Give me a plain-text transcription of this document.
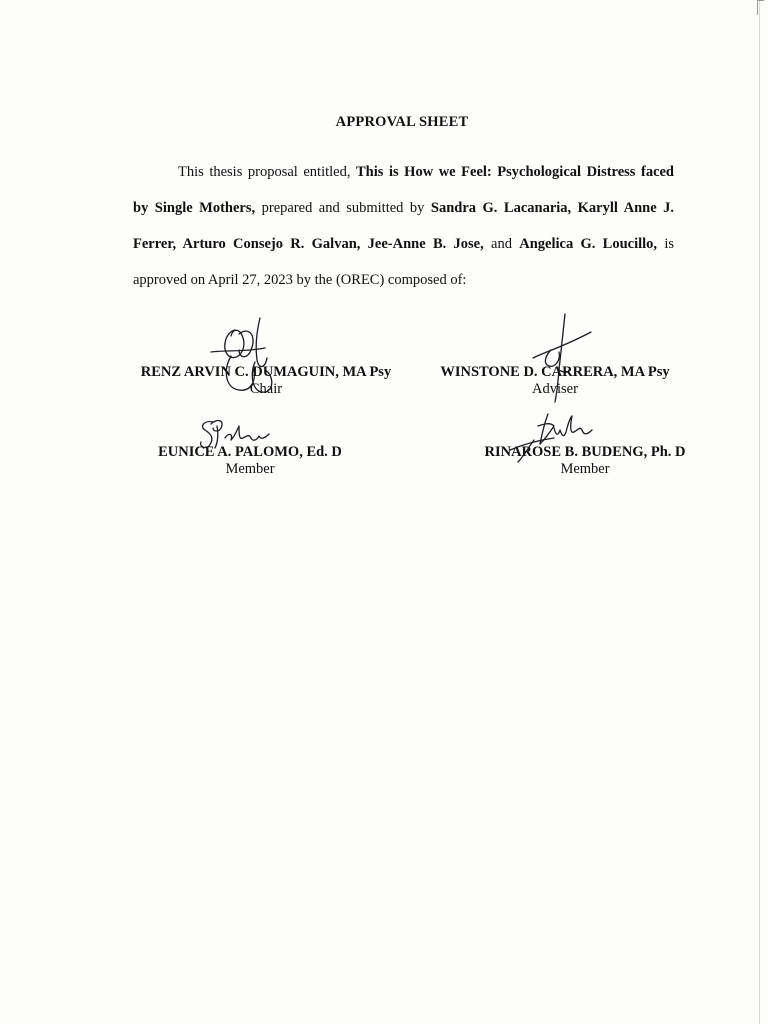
APPROVAL SHEET
This thesis proposal entitled, This is How we Feel: Psychological Distress faced
by Single Mothers, prepared and submitted by Sandra G. Lacanaria, Karyll Anne J.
Ferrer, Arturo Consejo R. Galvan, Jee-Anne B. Jose, and Angelica G. Loucillo, is
approved on April 27, 2023 by the (OREC) composed of:
RENZ ARVIN C. DUMAGUIN, MA Psy
Chair
WINSTONE D. CARRERA, MA Psy
Adviser
EUNICE A. PALOMO, Ed. D
Member
RINAROSE B. BUDENG, Ph. D
Member
